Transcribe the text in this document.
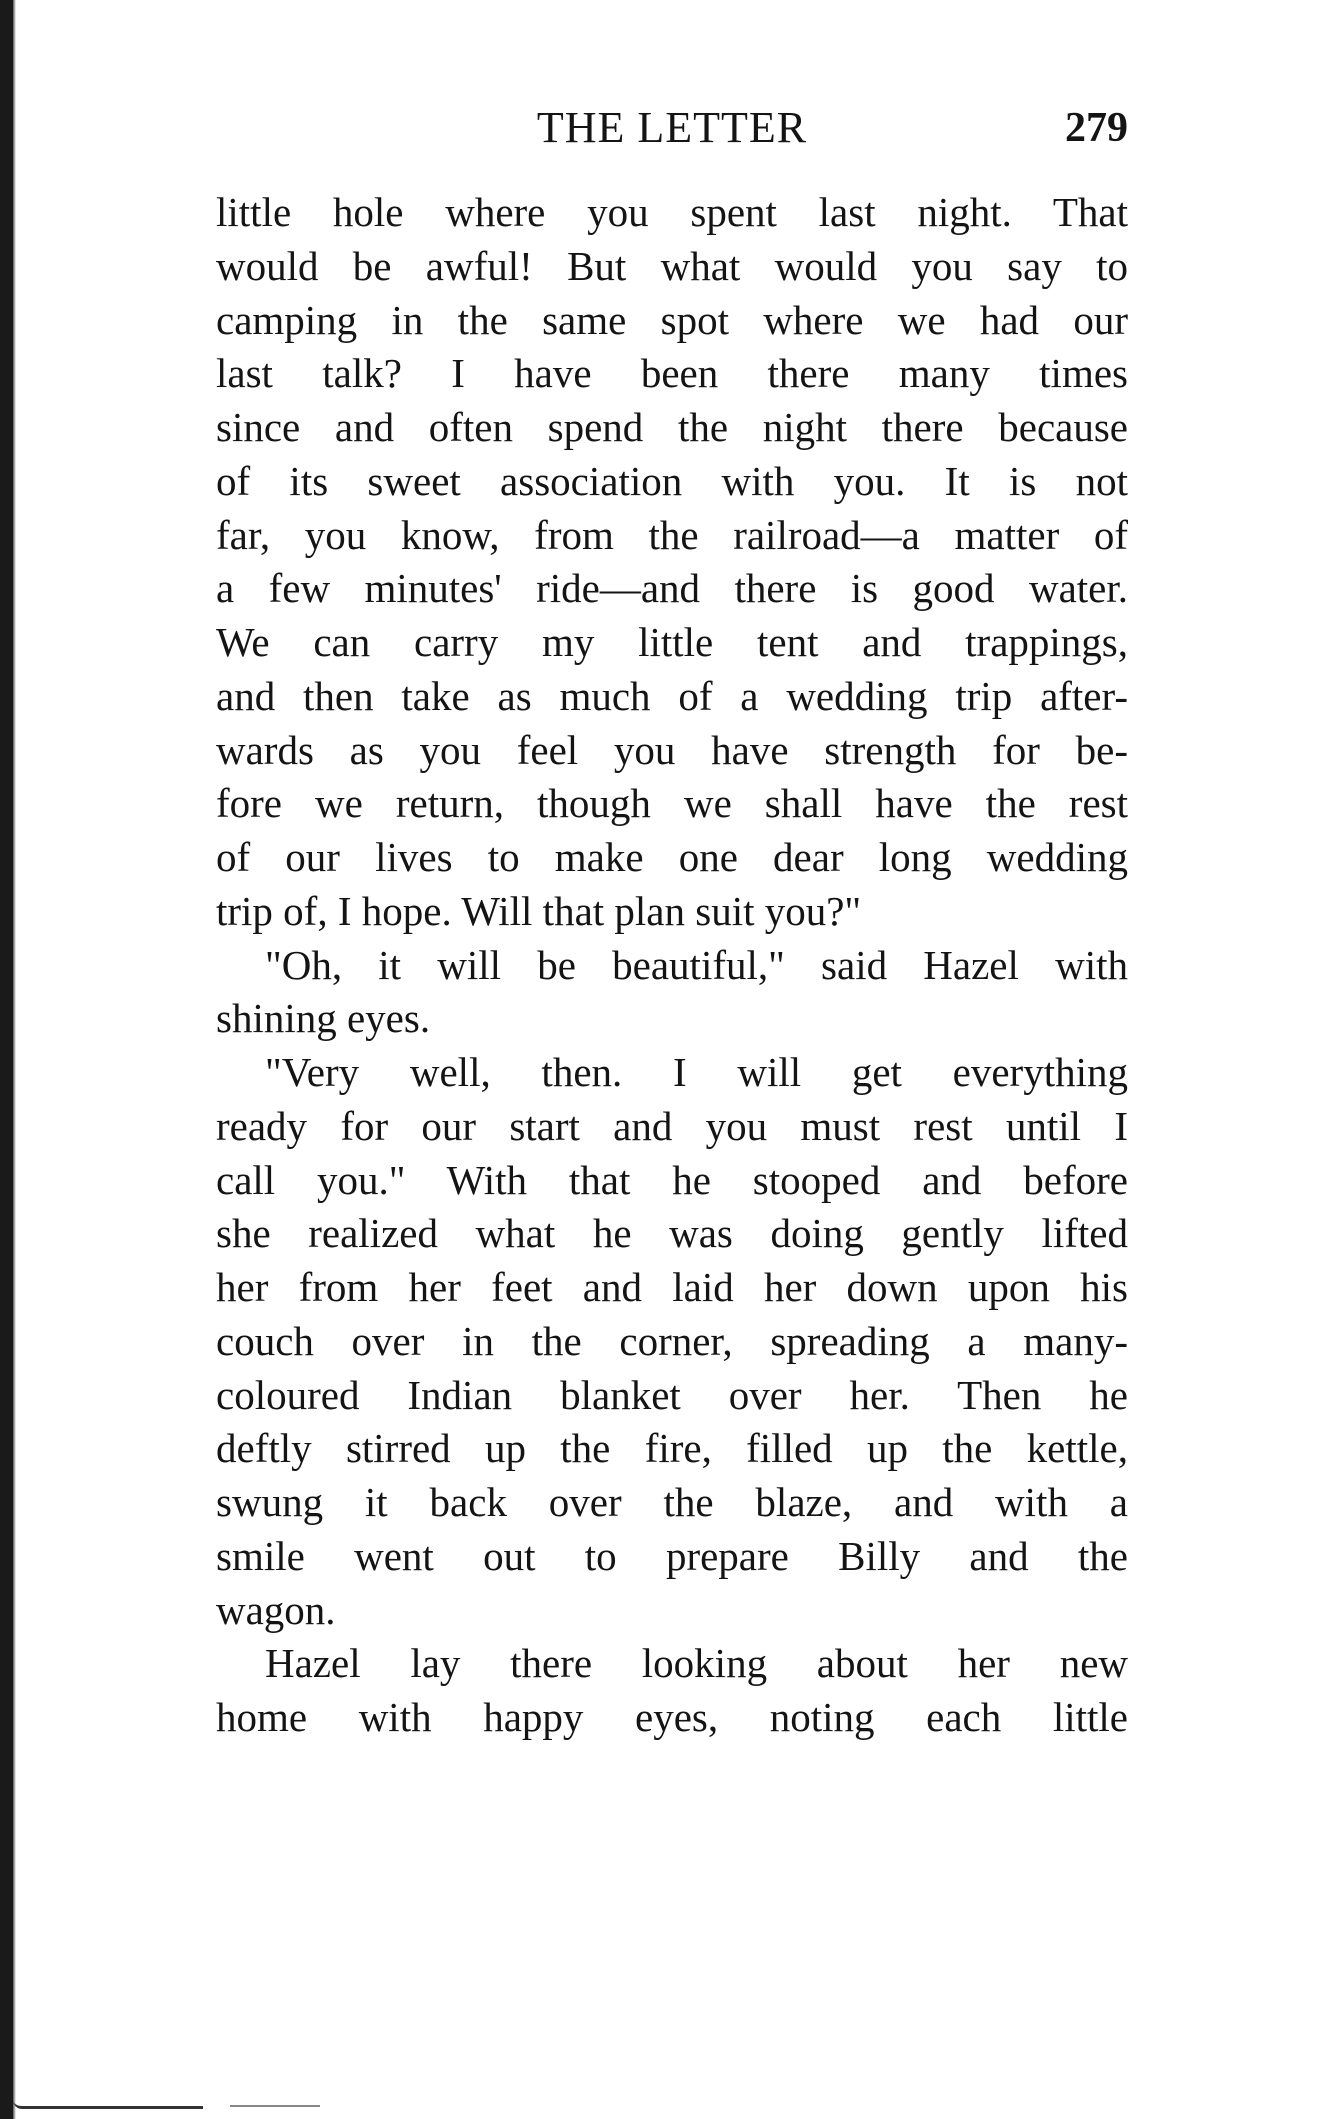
THE LETTER	279
little hole where you spent last night. That
would be awful! But what would you say to
camping in the same spot where we had our
last talk? I have been there many times
since and often spend the night there because
of its sweet association with you. It is not
far, you know, from the railroad—a matter of
a few minutes' ride—and there is good water.
We can carry my little tent and trappings,
and then take as much of a wedding trip after-
wards as you feel you have strength for be-
fore we return, though we shall have the rest
of our lives to make one dear long wedding
trip of, I hope. Will that plan suit you?"
"Oh, it will be beautiful," said Hazel with
shining eyes.
"Very well, then. I will get everything
ready for our start and you must rest until I
call you." With that he stooped and before
she realized what he was doing gently lifted
her from her feet and laid her down upon his
couch over in the corner, spreading a many-
coloured Indian blanket over her. Then he
deftly stirred up the fire, filled up the kettle,
swung it back over the blaze, and with a
smile went out to prepare Billy and the
wagon.
Hazel lay there looking about her new
home with happy eyes, noting each little
